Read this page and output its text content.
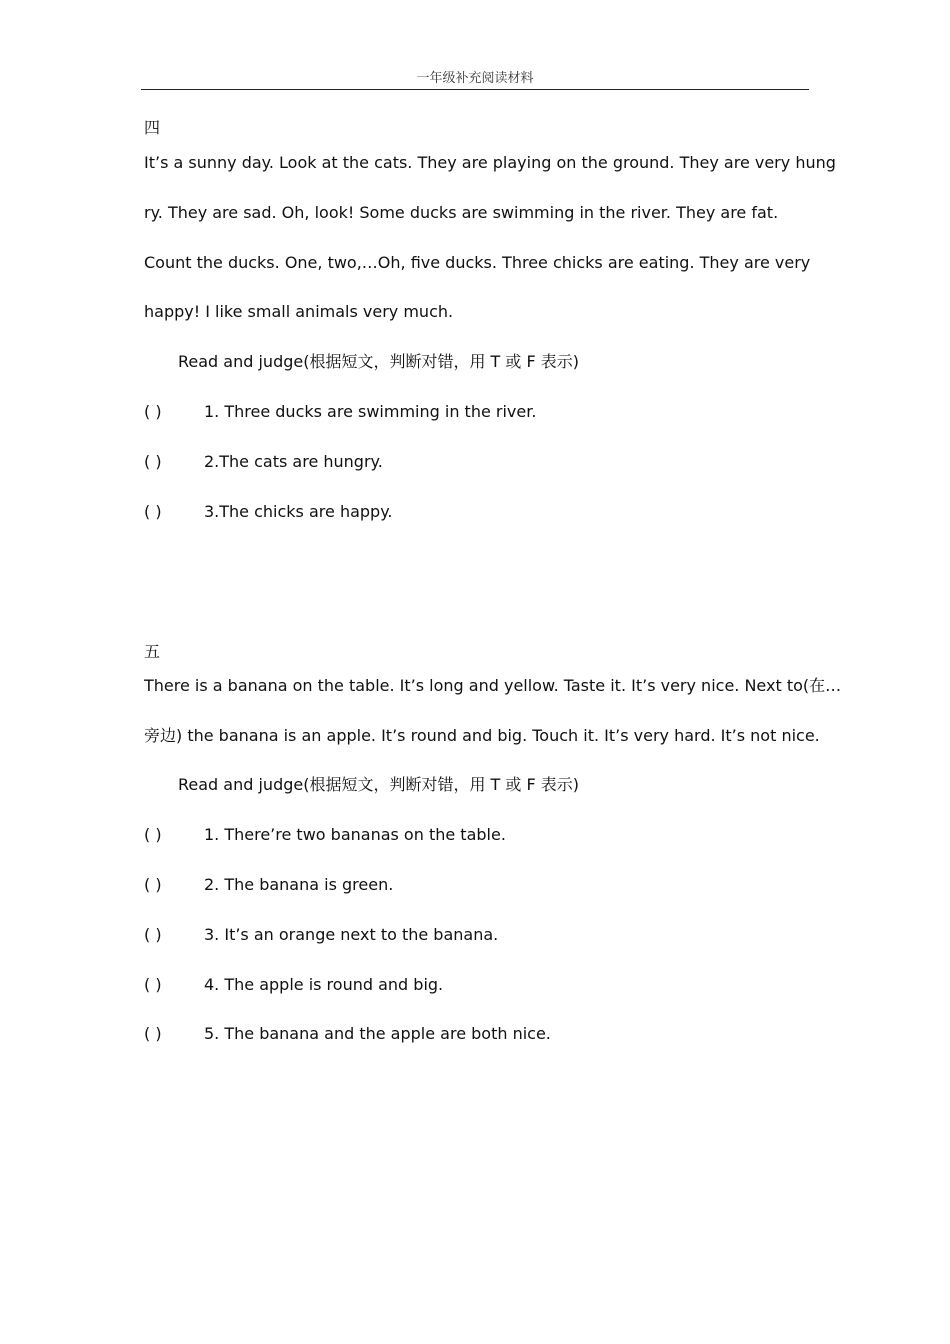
一年级补充阅读材料
四
It’s a sunny day. Look at the cats. They are playing on the ground. They are very hung
ry. They are sad. Oh, look! Some ducks are swimming in the river. They are fat.
Count the ducks. One, two,…Oh, five ducks. Three chicks are eating. They are very
happy! I like small animals very much.
Read and judge(根据短文，判断对错，用 T 或 F 表示)
( )	1. Three ducks are swimming in the river.
( )	2.The cats are hungry.
( )	3.The chicks are happy.
五
There is a banana on the table. It’s long and yellow. Taste it. It’s very nice. Next to(在…
旁边) the banana is an apple. It’s round and big. Touch it. It’s very hard. It’s not nice.
Read and judge(根据短文，判断对错，用 T 或 F 表示)
( )	1. There’re two bananas on the table.
( )	2. The banana is green.
( )	3. It’s an orange next to the banana.
( )	4. The apple is round and big.
( )	5. The banana and the apple are both nice.
